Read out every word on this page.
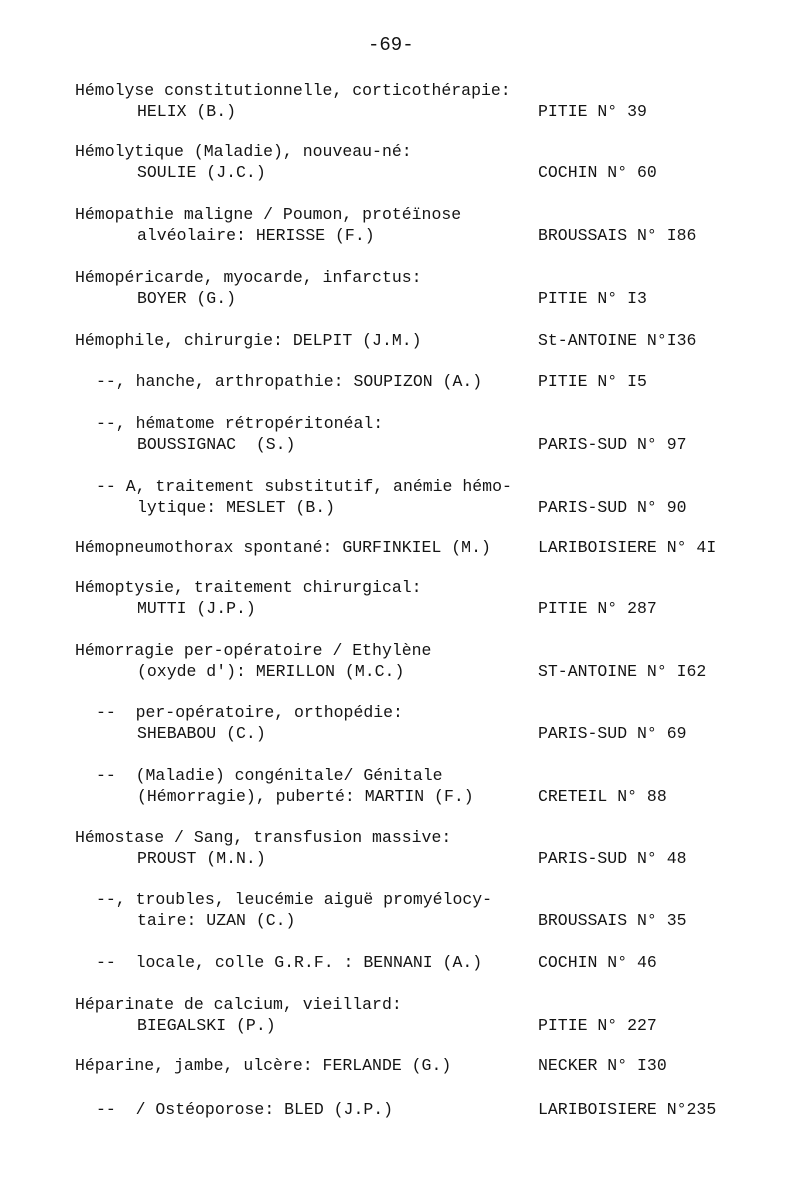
-69-
Hémolyse constitutionnelle, corticothérapie:
HELIX (B.)	PITIE N° 39
Hémolytique (Maladie), nouveau-né:
SOULIE (J.C.)	COCHIN N° 60
Hémopathie maligne / Poumon, protéïnose
alvéolaire: HERISSE (F.)	BROUSSAIS N° I86
Hémopéricarde, myocarde, infarctus:
BOYER (G.)	PITIE N° I3
Hémophile, chirurgie: DELPIT (J.M.)	St-ANTOINE N°I36
--, hanche, arthropathie: SOUPIZON (A.)	PITIE N° I5
--, hématome rétropéritonéal:
BOUSSIGNAC  (S.)	PARIS-SUD N° 97
-- A, traitement substitutif, anémie hémo-
lytique: MESLET (B.)	PARIS-SUD N° 90
Hémopneumothorax spontané: GURFINKIEL (M.)	LARIBOISIERE N° 4I
Hémoptysie, traitement chirurgical:
MUTTI (J.P.)	PITIE N° 287
Hémorragie per-opératoire / Ethylène
(oxyde d'): MERILLON (M.C.)	ST-ANTOINE N° I62
--  per-opératoire, orthopédie:
SHEBABOU (C.)	PARIS-SUD N° 69
--  (Maladie) congénitale/ Génitale
(Hémorragie), puberté: MARTIN (F.)	CRETEIL N° 88
Hémostase / Sang, transfusion massive:
PROUST (M.N.)	PARIS-SUD N° 48
--, troubles, leucémie aiguë promyélocy-
taire: UZAN (C.)	BROUSSAIS N° 35
--  locale, colle G.R.F. : BENNANI (A.)	COCHIN N° 46
Héparinate de calcium, vieillard:
BIEGALSKI (P.)	PITIE N° 227
Héparine, jambe, ulcère: FERLANDE (G.)	NECKER N° I30
--  / Ostéoporose: BLED (J.P.)	LARIBOISIERE N°235
